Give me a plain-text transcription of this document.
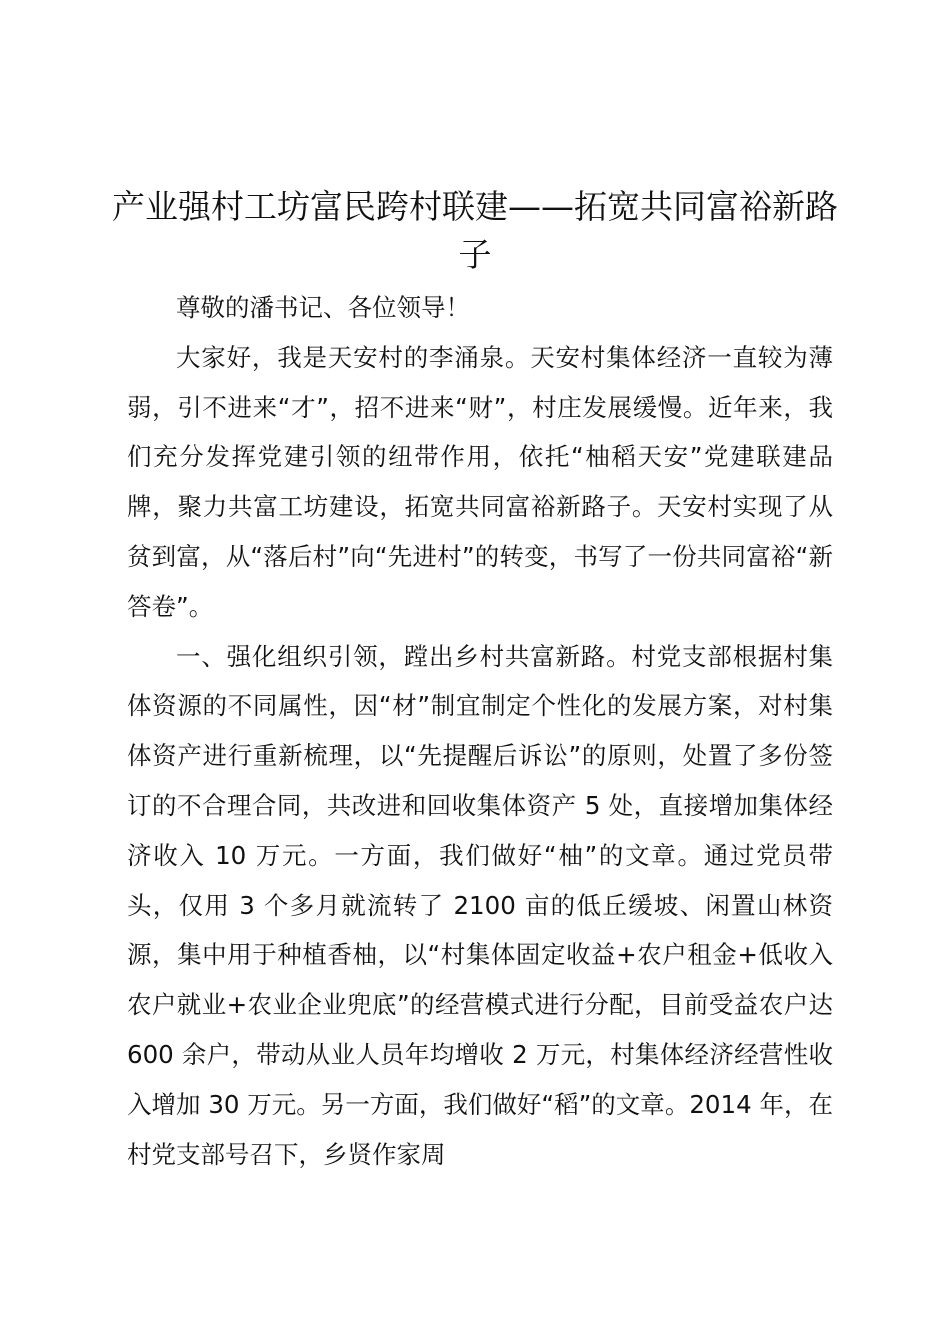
产业强村工坊富民跨村联建——拓宽共同富裕新路子

尊敬的潘书记、各位领导！

大家好，我是天安村的李涌泉。天安村集体经济一直较为薄弱，引不进来“才”，招不进来“财”，村庄发展缓慢。近年来，我们充分发挥党建引领的纽带作用，依托“柚稻天安”党建联建品牌，聚力共富工坊建设，拓宽共同富裕新路子。天安村实现了从贫到富，从“落后村”向“先进村”的转变，书写了一份共同富裕“新答卷”。

一、强化组织引领，蹚出乡村共富新路。村党支部根据村集体资源的不同属性，因“材”制宜制定个性化的发展方案，对村集体资产进行重新梳理，以“先提醒后诉讼”的原则，处置了多份签订的不合理合同，共改进和回收集体资产 5 处，直接增加集体经济收入 10 万元。一方面，我们做好“柚”的文章。通过党员带头，仅用 3 个多月就流转了 2100 亩的低丘缓坡、闲置山林资源，集中用于种植香柚，以“村集体固定收益+农户租金+低收入农户就业+农业企业兜底”的经营模式进行分配，目前受益农户达 600 余户，带动从业人员年均增收 2 万元，村集体经济经营性收入增加 30 万元。另一方面，我们做好“稻”的文章。2014 年，在村党支部号召下，乡贤作家周
